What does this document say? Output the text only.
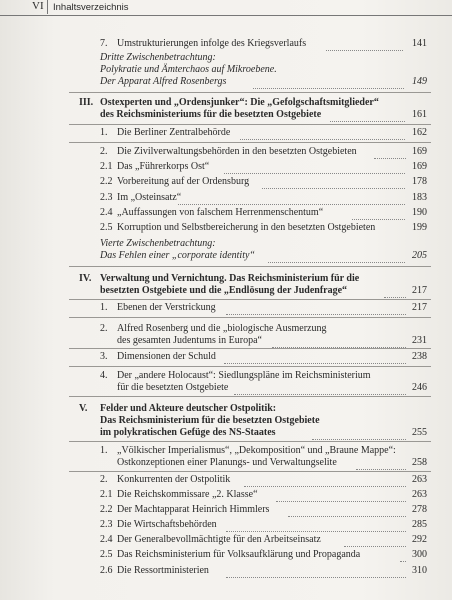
VI Inhaltsverzeichnis
7. Umstrukturierungen infolge des Kriegsverlaufs	141
Dritte Zwischenbetrachtung:
Polykratie und Ämterchaos auf Mikroebene.
Der Apparat Alfred Rosenbergs	149
III. Ostexperten und „Ordensjunker“: Die „Gefolgschaftsmitglieder“
des Reichsministeriums für die besetzten Ostgebiete	161
1. Die Berliner Zentralbehörde	162
2. Die Zivilverwaltungsbehörden in den besetzten Ostgebieten	169
2.1 Das „Führerkorps Ost“	169
2.2 Vorbereitung auf der Ordensburg	178
2.3 Im „Osteinsatz“	183
2.4 „Auffassungen von falschem Herrenmenschentum“	190
2.5 Korruption und Selbstbereicherung in den besetzten Ostgebieten	199
Vierte Zwischenbetrachtung:
Das Fehlen einer „corporate identity“	205
IV. Verwaltung und Vernichtung. Das Reichsministerium für die
besetzten Ostgebiete und die „Endlösung der Judenfrage“	217
1. Ebenen der Verstrickung	217
2. Alfred Rosenberg und die „biologische Ausmerzung
des gesamten Judentums in Europa“	231
3. Dimensionen der Schuld	238
4. Der „andere Holocaust“: Siedlungspläne im Reichsministerium
für die besetzten Ostgebiete	246
V. Felder und Akteure deutscher Ostpolitik:
Das Reichsministerium für die besetzten Ostgebiete
im polykratischen Gefüge des NS-Staates	255
1. „Völkischer Imperialismus“, „Dekomposition“ und „Braune Mappe“:
Ostkonzeptionen einer Planungs- und Verwaltungselite	258
2. Konkurrenten der Ostpolitik	263
2.1 Die Reichskommissare „2. Klasse“	263
2.2 Der Machtapparat Heinrich Himmlers	278
2.3 Die Wirtschaftsbehörden	285
2.4 Der Generalbevollmächtigte für den Arbeitseinsatz	292
2.5 Das Reichsministerium für Volksaufklärung und Propaganda	300
2.6 Die Ressortministerien	310
